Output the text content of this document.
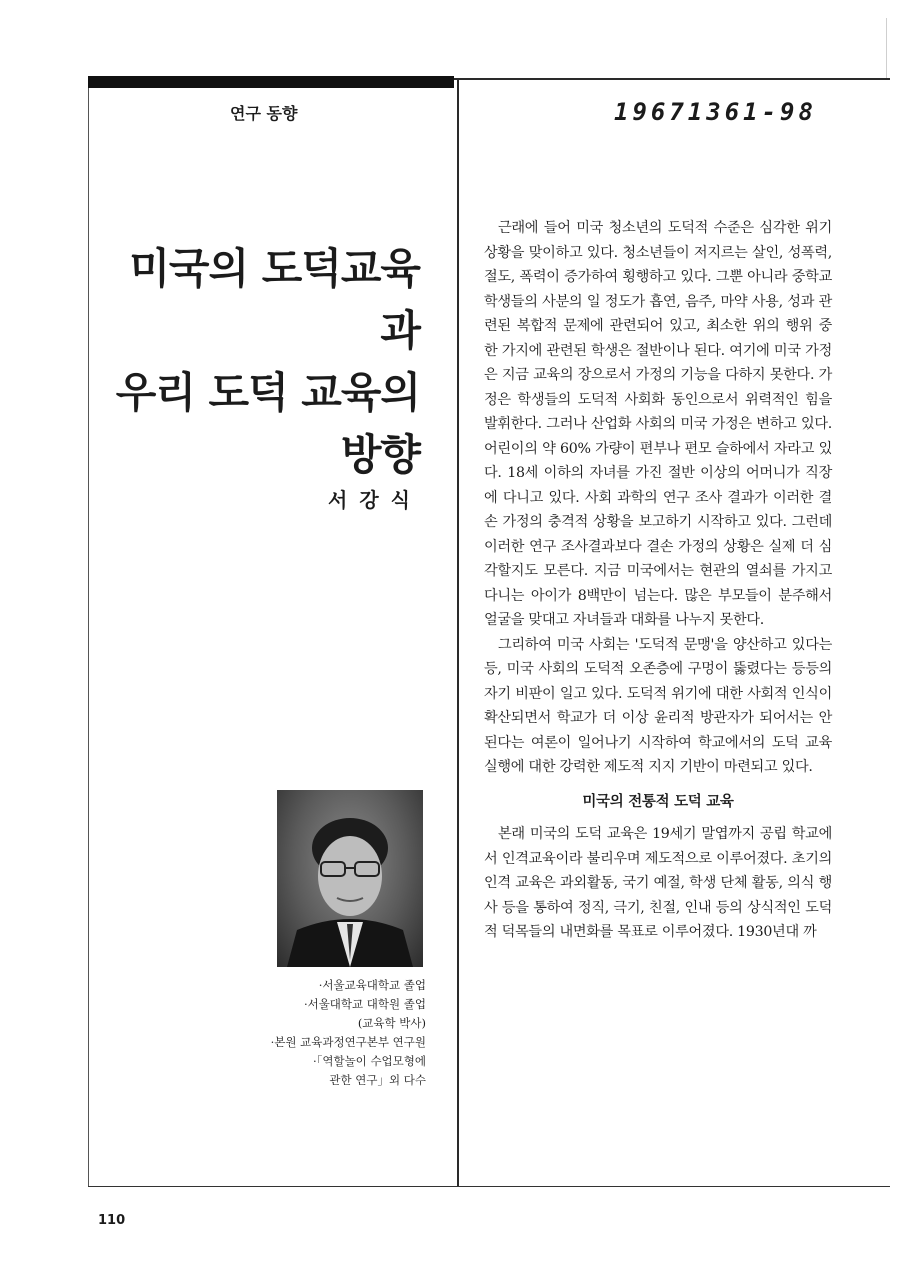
연구 동향	19671361-98
미국의 도덕교육과
우리 도덕 교육의
방향
서강식
·서울교육대학교 졸업
·서울대학교 대학원 졸업
(교육학 박사)
·본원 교육과정연구본부 연구원
·「역할놀이 수업모형에
관한 연구」외 다수

근래에 들어 미국 청소년의 도덕적 수준은 심각한 위기상황을 맞이하고 있다. 청소년들이 저지르는 살인, 성폭력, 절도, 폭력이 증가하여 횡행하고 있다. 그뿐 아니라 중학교 학생들의 사분의 일 정도가 흡연, 음주, 마약 사용, 성과 관련된 복합적 문제에 관련되어 있고, 최소한 위의 행위 중 한 가지에 관련된 학생은 절반이나 된다. 여기에 미국 가정은 지금 교육의 장으로서 가정의 기능을 다하지 못한다. 가정은 학생들의 도덕적 사회화 동인으로서 위력적인 힘을 발휘한다. 그러나 산업화 사회의 미국 가정은 변하고 있다. 어린이의 약 60% 가량이 편부나 편모 슬하에서 자라고 있다. 18세 이하의 자녀를 가진 절반 이상의 어머니가 직장에 다니고 있다. 사회 과학의 연구 조사 결과가 이러한 결손 가정의 충격적 상황을 보고하기 시작하고 있다. 그런데 이러한 연구 조사결과보다 결손 가정의 상황은 실제 더 심각할지도 모른다. 지금 미국에서는 현관의 열쇠를 가지고 다니는 아이가 8백만이 넘는다. 많은 부모들이 분주해서 얼굴을 맞대고 자녀들과 대화를 나누지 못한다.

그리하여 미국 사회는 '도덕적 문맹'을 양산하고 있다는 등, 미국 사회의 도덕적 오존층에 구멍이 뚫렸다는 등등의 자기 비판이 일고 있다. 도덕적 위기에 대한 사회적 인식이 확산되면서 학교가 더 이상 윤리적 방관자가 되어서는 안된다는 여론이 일어나기 시작하여 학교에서의 도덕 교육 실행에 대한 강력한 제도적 지지 기반이 마련되고 있다.

미국의 전통적 도덕 교육

본래 미국의 도덕 교육은 19세기 말엽까지 공립 학교에서 인격교육이라 불리우며 제도적으로 이루어졌다. 초기의 인격 교육은 과외활동, 국기 예절, 학생 단체 활동, 의식 행사 등을 통하여 정직, 극기, 친절, 인내 등의 상식적인 도덕적 덕목들의 내면화를 목표로 이루어졌다. 1930년대 까

110
